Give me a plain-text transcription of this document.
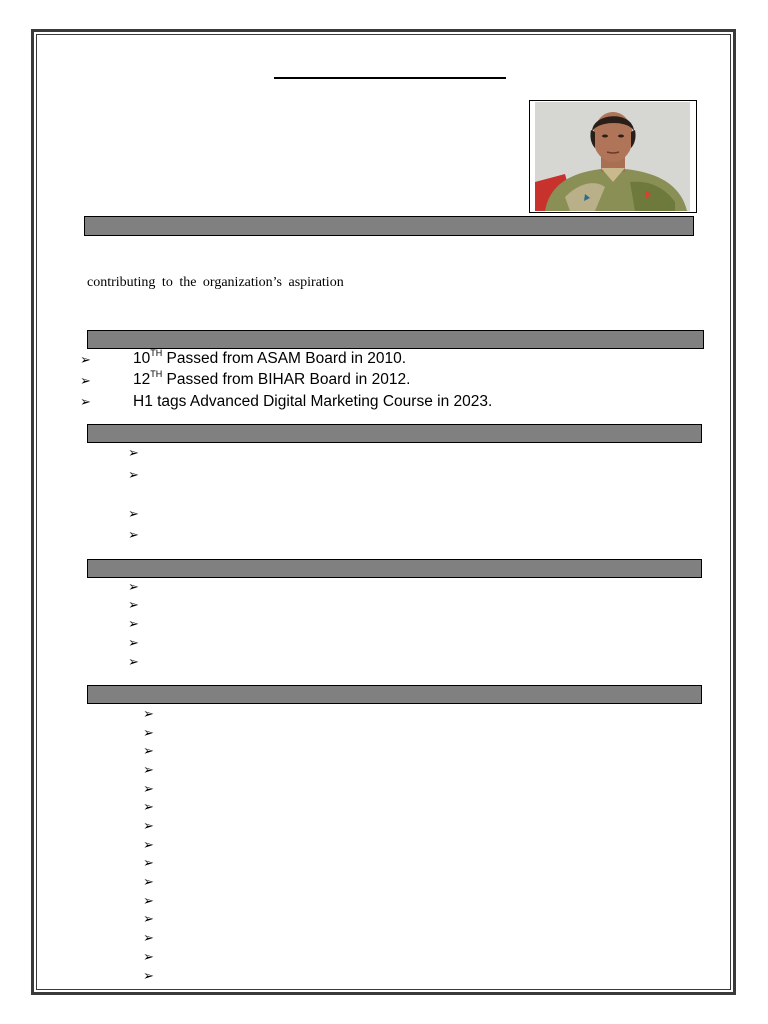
contributing to the organization’s aspiration
➢	10TH Passed from ASAM Board in 2010.
➢	12TH Passed from BIHAR Board in 2012.
➢	H1 tags Advanced Digital Marketing Course in 2023.
➢
➢
➢
➢
➢
➢
➢
➢
➢
➢
➢
➢
➢
➢
➢
➢
➢
➢
➢
➢
➢
➢
➢
➢
